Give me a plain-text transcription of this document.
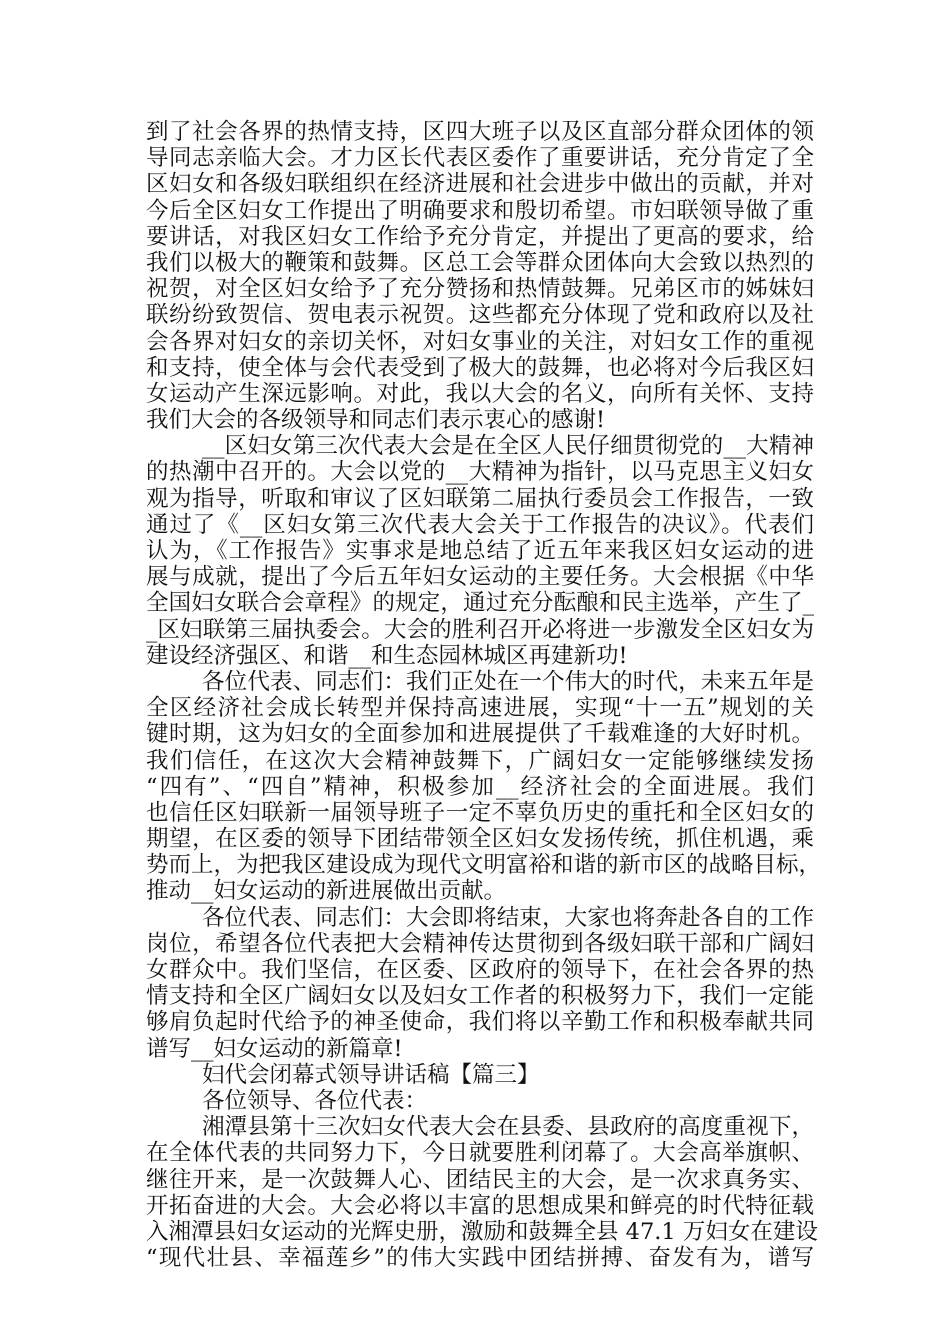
到了社会各界的热情支持，区四大班子以及区直部分群众团体的领
导同志亲临大会。才力区长代表区委作了重要讲话，充分肯定了全
区妇女和各级妇联组织在经济进展和社会进步中做出的贡献，并对
今后全区妇女工作提出了明确要求和殷切希望。市妇联领导做了重
要讲话，对我区妇女工作给予充分肯定，并提出了更高的要求，给
我们以极大的鞭策和鼓舞。区总工会等群众团体向大会致以热烈的
祝贺，对全区妇女给予了充分赞扬和热情鼓舞。兄弟区市的姊妹妇
联纷纷致贺信、贺电表示祝贺。这些都充分体现了党和政府以及社
会各界对妇女的亲切关怀，对妇女事业的关注，对妇女工作的重视
和支持，使全体与会代表受到了极大的鼓舞，也必将对今后我区妇
女运动产生深远影响。对此，我以大会的名义，向所有关怀、支持
我们大会的各级领导和同志们表示衷心的感谢!
__区妇女第三次代表大会是在全区人民仔细贯彻党的__大精神
的热潮中召开的。大会以党的__大精神为指针，以马克思主义妇女
观为指导，听取和审议了区妇联第二届执行委员会工作报告，一致
通过了《__区妇女第三次代表大会关于工作报告的决议》。代表们
认为，《工作报告》实事求是地总结了近五年来我区妇女运动的进
展与成就，提出了今后五年妇女运动的主要任务。大会根据《中华
全国妇女联合会章程》的规定，通过充分酝酿和民主选举，产生了_
_区妇联第三届执委会。大会的胜利召开必将进一步激发全区妇女为
建设经济强区、和谐__和生态园林城区再建新功!
各位代表、同志们：我们正处在一个伟大的时代，未来五年是
全区经济社会成长转型并保持高速进展，实现“十一五”规划的关
键时期，这为妇女的全面参加和进展提供了千载难逢的大好时机。
我们信任，在这次大会精神鼓舞下，广阔妇女一定能够继续发扬
“四有”、“四自”精神，积极参加__经济社会的全面进展。我们
也信任区妇联新一届领导班子一定不辜负历史的重托和全区妇女的
期望，在区委的领导下团结带领全区妇女发扬传统，抓住机遇，乘
势而上，为把我区建设成为现代文明富裕和谐的新市区的战略目标，
推动__妇女运动的新进展做出贡献。
各位代表、同志们：大会即将结束，大家也将奔赴各自的工作
岗位，希望各位代表把大会精神传达贯彻到各级妇联干部和广阔妇
女群众中。我们坚信，在区委、区政府的领导下，在社会各界的热
情支持和全区广阔妇女以及妇女工作者的积极努力下，我们一定能
够肩负起时代给予的神圣使命，我们将以辛勤工作和积极奉献共同
谱写__妇女运动的新篇章!
妇代会闭幕式领导讲话稿【篇三】
各位领导、各位代表：
湘潭县第十三次妇女代表大会在县委、县政府的高度重视下，
在全体代表的共同努力下，今日就要胜利闭幕了。大会高举旗帜、
继往开来，是一次鼓舞人心、团结民主的大会，是一次求真务实、
开拓奋进的大会。大会必将以丰富的思想成果和鲜亮的时代特征载
入湘潭县妇女运动的光辉史册，激励和鼓舞全县 47.1 万妇女在建设
“现代壮县、幸福莲乡”的伟大实践中团结拼搏、奋发有为，谱写
